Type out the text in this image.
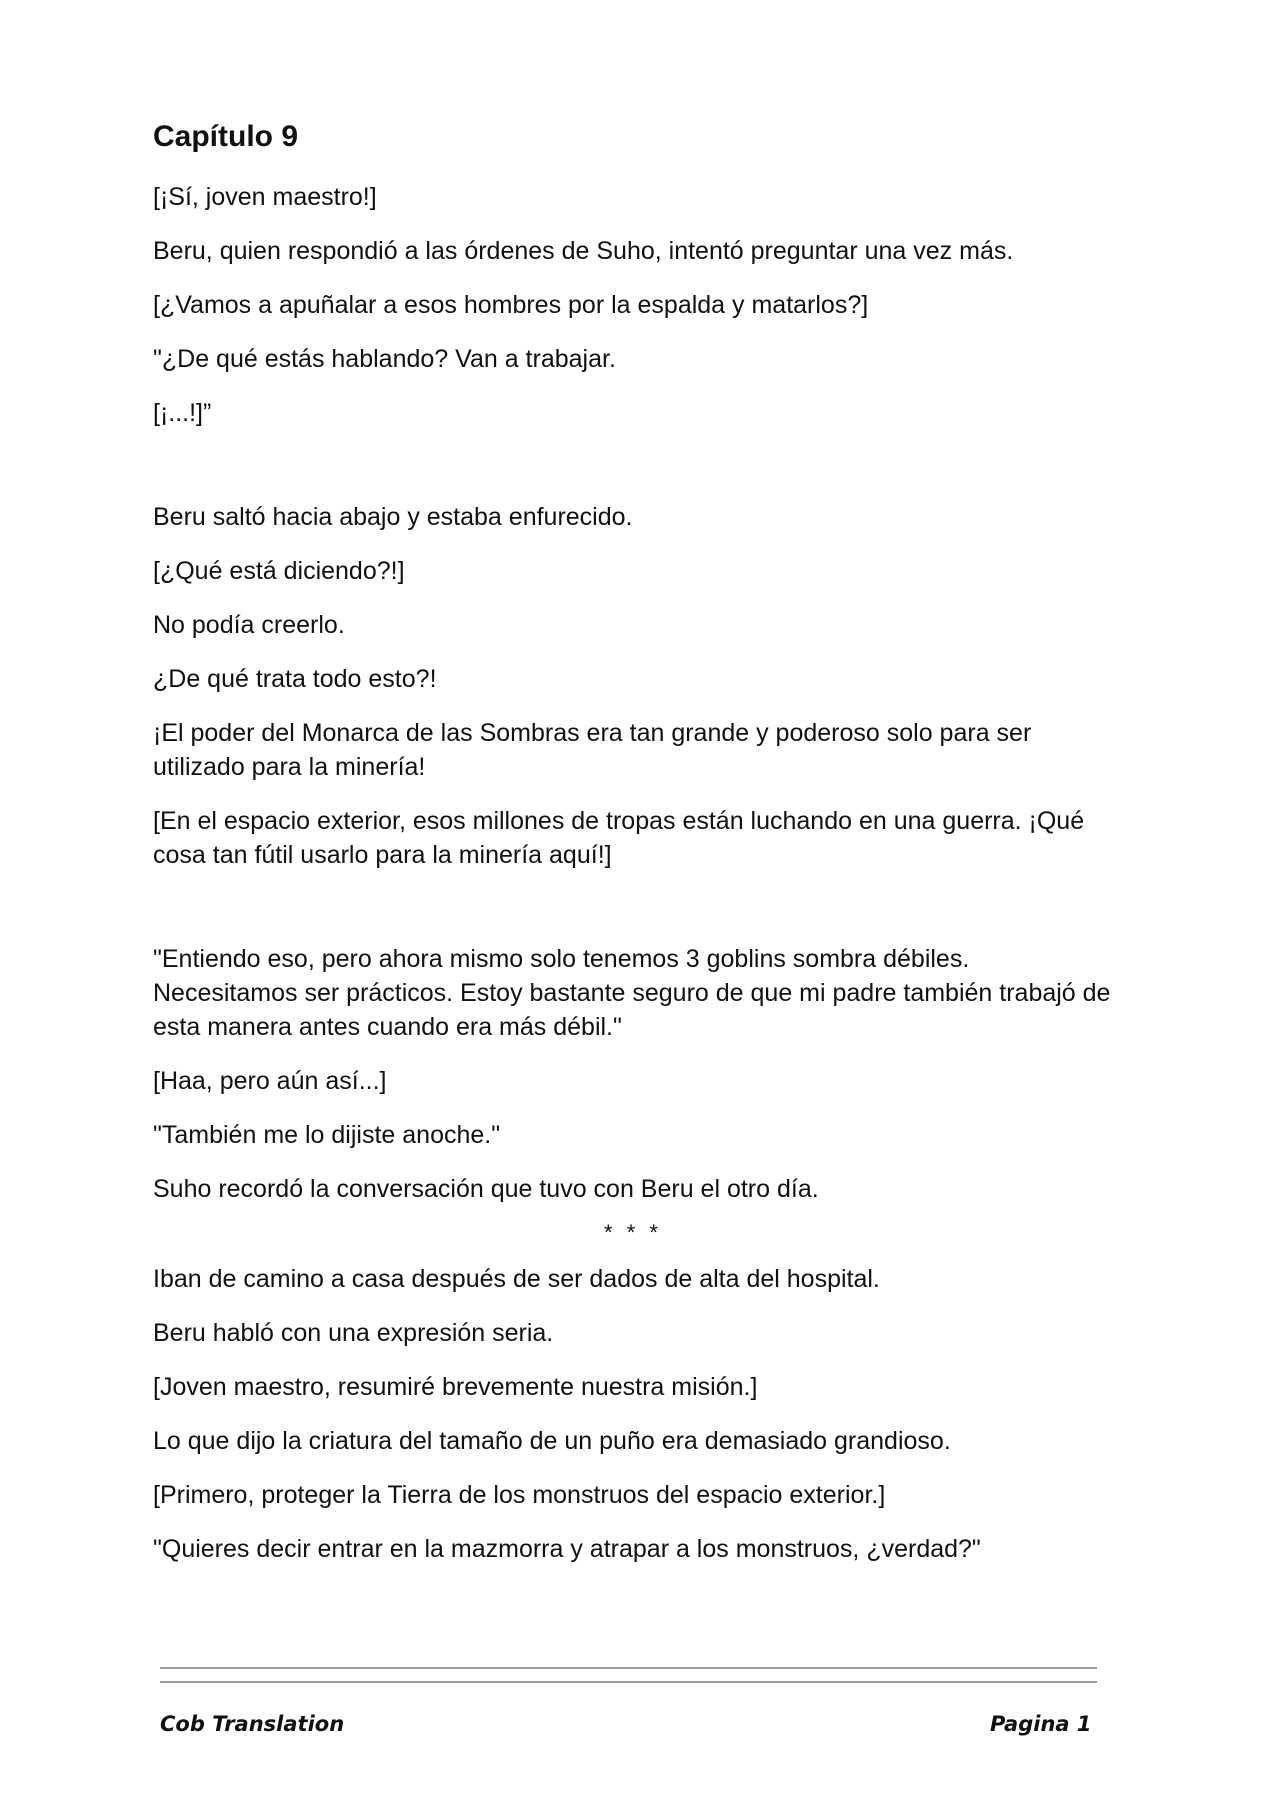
Capítulo 9

[¡Sí, joven maestro!]

Beru, quien respondió a las órdenes de Suho, intentó preguntar una vez más.

[¿Vamos a apuñalar a esos hombres por la espalda y matarlos?]

"¿De qué estás hablando? Van a trabajar.

[¡...!]”

Beru saltó hacia abajo y estaba enfurecido.

[¿Qué está diciendo?!]

No podía creerlo.

¿De qué trata todo esto?!

¡El poder del Monarca de las Sombras era tan grande y poderoso solo para ser utilizado para la minería!

[En el espacio exterior, esos millones de tropas están luchando en una guerra. ¡Qué cosa tan fútil usarlo para la minería aquí!]

"Entiendo eso, pero ahora mismo solo tenemos 3 goblins sombra débiles. Necesitamos ser prácticos. Estoy bastante seguro de que mi padre también trabajó de esta manera antes cuando era más débil."

[Haa, pero aún así...]

"También me lo dijiste anoche."

Suho recordó la conversación que tuvo con Beru el otro día.

* * *

Iban de camino a casa después de ser dados de alta del hospital.

Beru habló con una expresión seria.

[Joven maestro, resumiré brevemente nuestra misión.]

Lo que dijo la criatura del tamaño de un puño era demasiado grandioso.

[Primero, proteger la Tierra de los monstruos del espacio exterior.]

"Quieres decir entrar en la mazmorra y atrapar a los monstruos, ¿verdad?"

Cob Translation	Pagina 1
